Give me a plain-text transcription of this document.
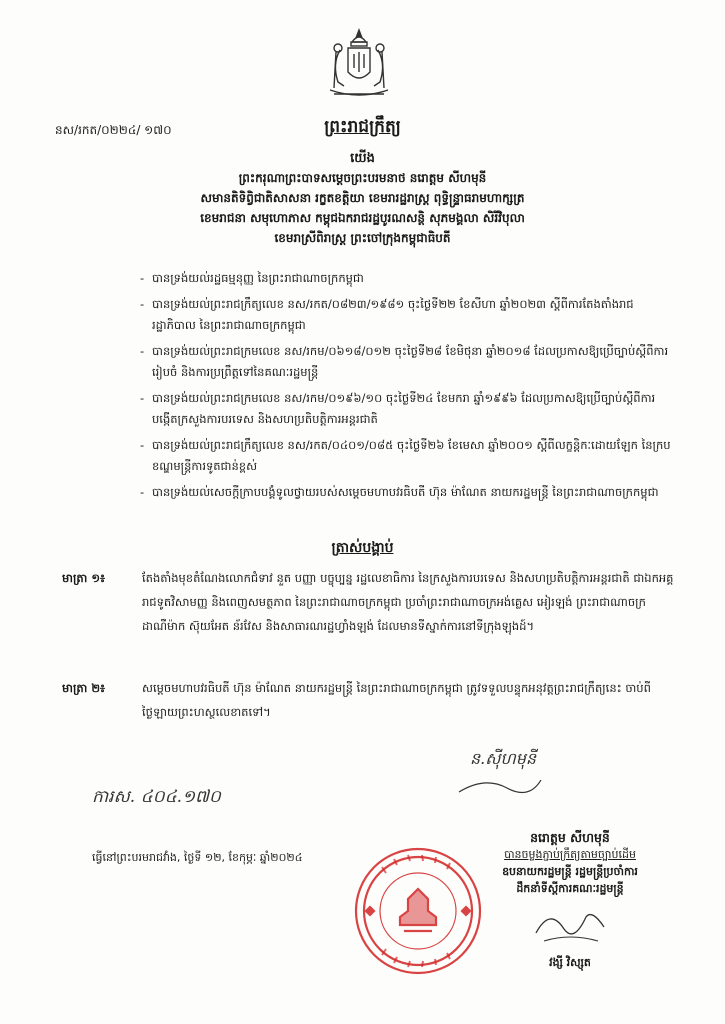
នស/រកត/០២២៤/ ១៧០	ព្រះរាជក្រឹត្យ
យើង
ព្រះករុណាព្រះបាទសម្តេចព្រះបរមនាថ នរោត្តម សីហមុនី
សមានតិទិព្វិជាតិសាសនា រក្ខតខត្តិយា ខេមរារដ្ឋរាស្ត្រ ពុទ្ធិន្ទ្រាធរាមហាក្សត្រ
ខេមរាជនា សមុហោភាស កម្ពុជឯករាជរដ្ឋបូរណសន្តិ សុភមង្គលា សិរីវិបុលា
ខេមរាស្រីពិរាស្ត្រ ព្រះចៅក្រុងកម្ពុជាធិបតី
- បានទ្រង់យល់រដ្ឋធម្មនុញ្ញ នៃព្រះរាជាណាចក្រកម្ពុជា
- បានទ្រង់យល់ព្រះរាជក្រឹត្យលេខ នស/រកត/០៨២៣/១៩៨១ ចុះថ្ងៃទី២២ ខែសីហា ឆ្នាំ២០២៣ ស្តីពីការតែងតាំងរាជរដ្ឋាភិបាល នៃព្រះរាជាណាចក្រកម្ពុជា
- បានទ្រង់យល់ព្រះរាជក្រមលេខ នស/រកម/០៦១៨/០១២ ចុះថ្ងៃទី២៨ ខែមិថុនា ឆ្នាំ២០១៨ ដែលប្រកាសឱ្យប្រើច្បាប់ស្តីពីការរៀបចំ និងការប្រព្រឹត្តទៅនៃគណៈរដ្ឋមន្ត្រី
- បានទ្រង់យល់ព្រះរាជក្រមលេខ នស/រកម/០១៩៦/១០ ចុះថ្ងៃទី២៤ ខែមករា ឆ្នាំ១៩៩៦ ដែលប្រកាសឱ្យប្រើច្បាប់ស្តីពីការបង្កើតក្រសួងការបរទេស និងសហប្រតិបត្តិការអន្តរជាតិ
- បានទ្រង់យល់ព្រះរាជក្រឹត្យលេខ នស/រកត/០៤០១/០៨៥ ចុះថ្ងៃទី២៦ ខែមេសា ឆ្នាំ២០០១ ស្តីពីលក្ខន្តិកៈដោយឡែក នៃក្របខណ្ឌមន្ត្រីការទូតជាន់ខ្ពស់
- បានទ្រង់យល់សេចក្តីក្រាបបង្គំទូលថ្វាយរបស់សម្តេចមហាបវរធិបតី ហ៊ុន ម៉ាណែត នាយករដ្ឋមន្ត្រី នៃព្រះរាជាណាចក្រកម្ពុជា
ត្រាស់បង្គាប់
មាត្រា ១៖	តែងតាំងមុខតំណែងលោកជំទាវ នួត បញ្ញា បច្ចុប្បន្ន រដ្ឋលេខាធិការ នៃក្រសួងការបរទេស និងសហប្រតិបត្តិការអន្តរជាតិ ជាឯកអគ្គរាជទូតវិសាមញ្ញ និងពេញសមត្ថភាព នៃព្រះរាជាណាចក្រកម្ពុជា ប្រចាំព្រះរាជាណាចក្រអង់គ្លេស អៀរឡង់ ព្រះរាជាណាចក្រដាណឺម៉ាក ស៊ុយអែត ន័រវែស និងសាធារណរដ្ឋហ្វាំងឡង់ ដែលមានទីស្នាក់ការនៅទីក្រុងឡុងដ៍។
មាត្រា ២៖	សម្តេចមហាបវរធិបតី ហ៊ុន ម៉ាណែត នាយករដ្ឋមន្ត្រី នៃព្រះរាជាណាចក្រកម្ពុជា ត្រូវទទួលបន្ទុកអនុវត្តព្រះរាជក្រឹត្យនេះ ចាប់ពីថ្ងៃឡាយព្រះហស្ថលេខាតទៅ។
ការស. ៤០៤.១៧០
ន.ស៊ីហមុនី
ធ្វើនៅព្រះបរមរាជវាំង, ថ្ងៃទី ១២, ខែកុម្ភៈ ឆ្នាំ២០២៤
នរោត្តម សីហមុនី
បានចម្លងភ្ជាប់ក្រឹត្យតាមច្បាប់ដើម
ឧបនាយករដ្ឋមន្ត្រី រដ្ឋមន្ត្រីប្រចាំការ
ដឹកនាំទីស្តីការគណៈរដ្ឋមន្ត្រី
វង្សី វិស្សុត
